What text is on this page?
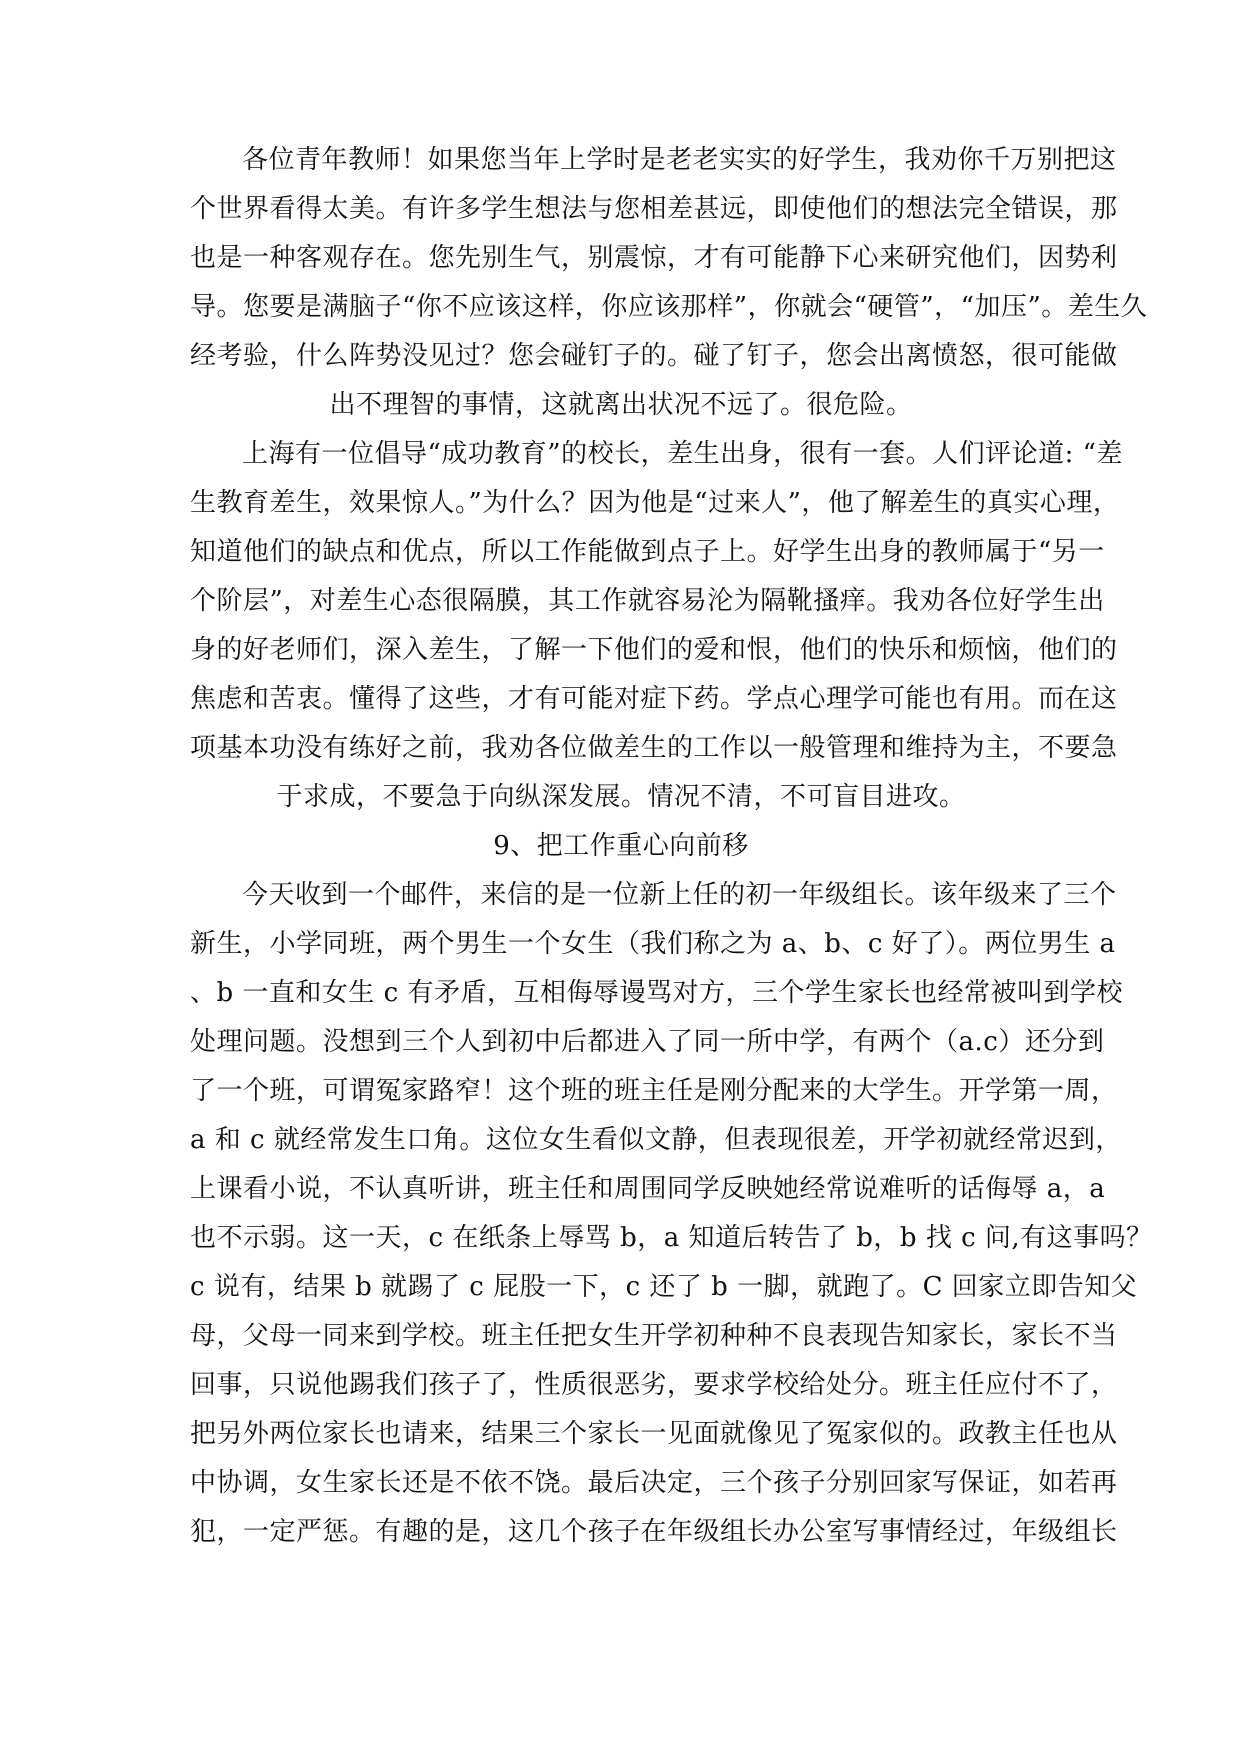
各位青年教师！如果您当年上学时是老老实实的好学生，我劝你千万别把这
个世界看得太美。有许多学生想法与您相差甚远，即使他们的想法完全错误，那
也是一种客观存在。您先别生气，别震惊，才有可能静下心来研究他们，因势利
导。您要是满脑子“你不应该这样，你应该那样”，你就会“硬管”，“加压”。差生久
经考验，什么阵势没见过？您会碰钉子的。碰了钉子，您会出离愤怒，很可能做
出不理智的事情，这就离出状况不远了。很危险。
上海有一位倡导“成功教育”的校长，差生出身，很有一套。人们评论道: “差
生教育差生，效果惊人。”为什么？因为他是“过来人”，他了解差生的真实心理，
知道他们的缺点和优点，所以工作能做到点子上。好学生出身的教师属于“另一
个阶层”，对差生心态很隔膜，其工作就容易沦为隔靴搔痒。我劝各位好学生出
身的好老师们，深入差生，了解一下他们的爱和恨，他们的快乐和烦恼，他们的
焦虑和苦衷。懂得了这些，才有可能对症下药。学点心理学可能也有用。而在这
项基本功没有练好之前，我劝各位做差生的工作以一般管理和维持为主，不要急
于求成，不要急于向纵深发展。情况不清，不可盲目进攻。
9、把工作重心向前移
今天收到一个邮件，来信的是一位新上任的初一年级组长。该年级来了三个
新生，小学同班，两个男生一个女生（我们称之为 a、b、c 好了）。两位男生 a
、b 一直和女生 c 有矛盾，互相侮辱谩骂对方，三个学生家长也经常被叫到学校
处理问题。没想到三个人到初中后都进入了同一所中学，有两个（a.c）还分到
了一个班，可谓冤家路窄！这个班的班主任是刚分配来的大学生。开学第一周，
a 和 c 就经常发生口角。这位女生看似文静，但表现很差，开学初就经常迟到，
上课看小说，不认真听讲，班主任和周围同学反映她经常说难听的话侮辱 a，a
也不示弱。这一天，c 在纸条上辱骂 b，a 知道后转告了 b，b 找 c 问,有这事吗？
c 说有，结果 b 就踢了 c 屁股一下，c 还了 b 一脚，就跑了。C 回家立即告知父
母，父母一同来到学校。班主任把女生开学初种种不良表现告知家长，家长不当
回事，只说他踢我们孩子了，性质很恶劣，要求学校给处分。班主任应付不了，
把另外两位家长也请来，结果三个家长一见面就像见了冤家似的。政教主任也从
中协调，女生家长还是不依不饶。最后决定，三个孩子分别回家写保证，如若再
犯，一定严惩。有趣的是，这几个孩子在年级组长办公室写事情经过，年级组长
